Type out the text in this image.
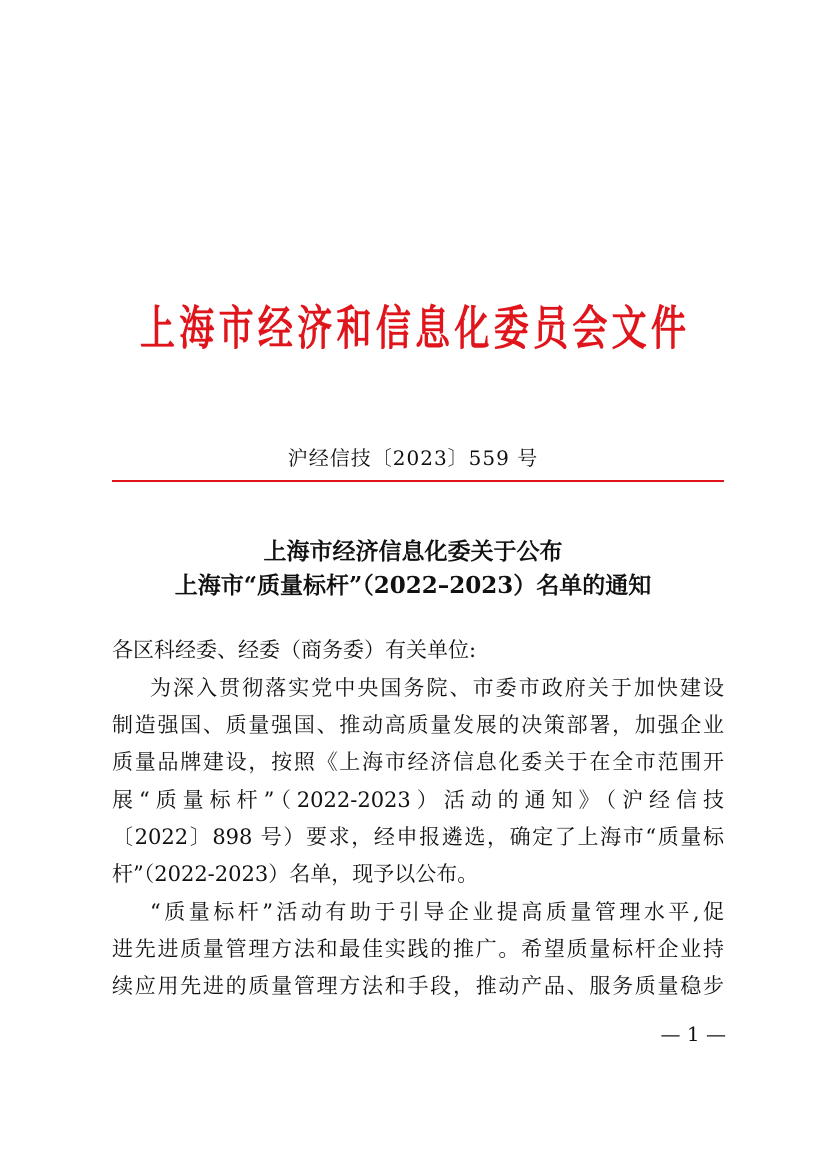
上海市经济和信息化委员会文件
沪经信技〔2023〕559 号
上海市经济信息化委关于公布
上海市“质量标杆”（2022–2023）名单的通知
各区科经委、经委（商务委）有关单位:
为深入贯彻落实党中央国务院、市委市政府关于加快建设
制造强国、质量强国、推动高质量发展的决策部署，加强企业
质量品牌建设，按照《上海市经济信息化委关于在全市范围开
展“质量标杆”（2022-2023）活动的通知》（沪经信技
〔2022〕898 号）要求，经申报遴选，确定了上海市“质量标
杆”（2022-2023）名单，现予以公布。
“质量标杆”活动有助于引导企业提高质量管理水平,促
进先进质量管理方法和最佳实践的推广。希望质量标杆企业持
续应用先进的质量管理方法和手段，推动产品、服务质量稳步
— 1 —
